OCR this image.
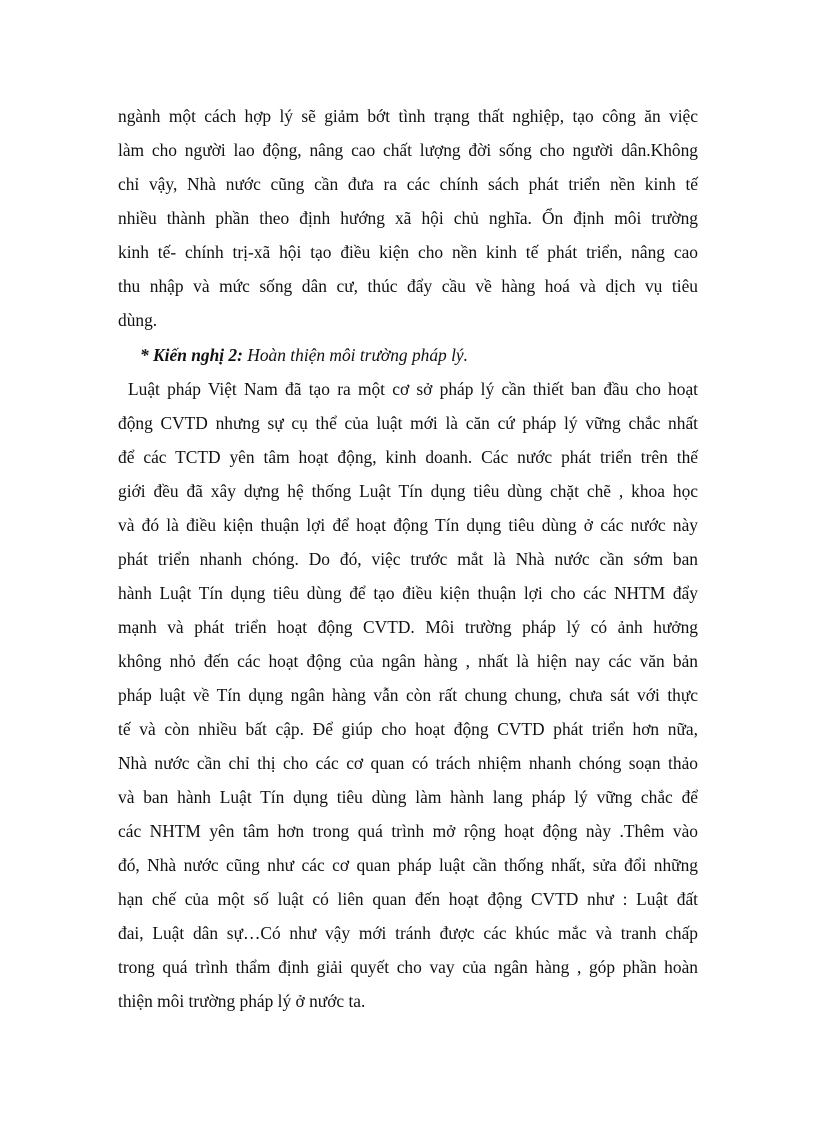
ngành một cách hợp lý sẽ giảm bớt tình trạng thất nghiệp, tạo công ăn việc
làm cho người lao động, nâng cao chất lượng đời sống cho người dân.Không
chỉ vậy, Nhà nước cũng cần đưa ra các chính sách phát triển nền kinh tế
nhiều thành phần theo định hướng xã hội chủ nghĩa. Ổn định môi trường
kinh tế- chính trị-xã hội tạo điều kiện cho nền kinh tế phát triển, nâng cao
thu nhập và mức sống dân cư, thúc đẩy cầu về hàng hoá và dịch vụ tiêu
dùng.
* Kiến nghị 2: Hoàn thiện môi trường pháp lý.
Luật pháp Việt Nam đã tạo ra một cơ sở pháp lý cần thiết ban đầu cho hoạt
động CVTD nhưng sự cụ thể của luật mới là căn cứ pháp lý vững chắc nhất
để các TCTD yên tâm hoạt động, kinh doanh. Các nước phát triển trên thế
giới đều đã xây dựng hệ thống Luật Tín dụng tiêu dùng chặt chẽ , khoa học
và đó là điều kiện thuận lợi để hoạt động Tín dụng tiêu dùng ở các nước này
phát triển nhanh chóng. Do đó, việc trước mắt là Nhà nước cần sớm ban
hành Luật Tín dụng tiêu dùng để tạo điều kiện thuận lợi cho các NHTM đẩy
mạnh và phát triển hoạt động CVTD. Môi trường pháp lý có ảnh hưởng
không nhỏ đến các hoạt động của ngân hàng , nhất là hiện nay các văn bản
pháp luật về Tín dụng ngân hàng vẫn còn rất chung chung, chưa sát với thực
tế và còn nhiều bất cập. Để giúp cho hoạt động CVTD phát triển hơn nữa,
Nhà nước cần chỉ thị cho các cơ quan có trách nhiệm nhanh chóng soạn thảo
và ban hành Luật Tín dụng tiêu dùng làm hành lang pháp lý vững chắc để
các NHTM yên tâm hơn trong quá trình mở rộng hoạt động này .Thêm vào
đó, Nhà nước cũng như các cơ quan pháp luật cần thống nhất, sửa đổi những
hạn chế của một số luật có liên quan đến hoạt động CVTD như : Luật đất
đai, Luật dân sự…Có như vậy mới tránh được các khúc mắc và tranh chấp
trong quá trình thẩm định giải quyết cho vay của ngân hàng , góp phần hoàn
thiện môi trường pháp lý ở nước ta.
